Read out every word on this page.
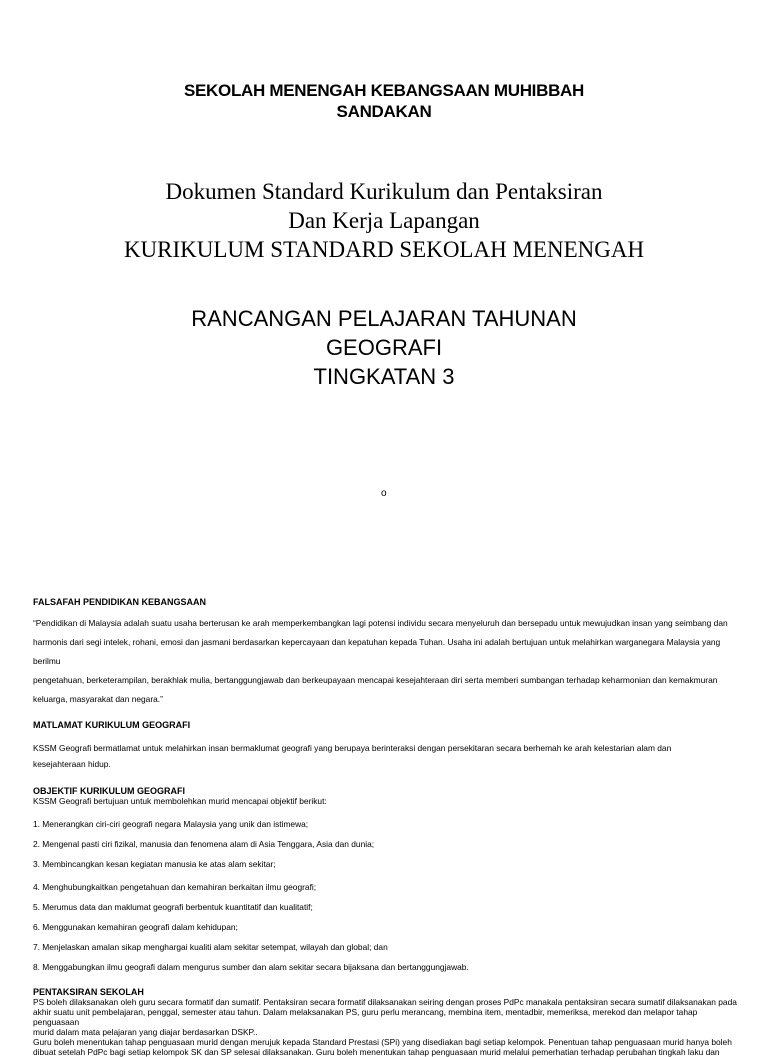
SEKOLAH MENENGAH KEBANGSAAN MUHIBBAH
SANDAKAN
Dokumen Standard Kurikulum dan Pentaksiran
Dan Kerja Lapangan
KURIKULUM STANDARD SEKOLAH MENENGAH
RANCANGAN PELAJARAN TAHUNAN
GEOGRAFI
TINGKATAN 3
o
FALSAFAH PENDIDIKAN KEBANGSAAN
“Pendidikan di Malaysia adalah suatu usaha berterusan ke arah memperkembangkan lagi potensi individu secara menyeluruh dan bersepadu untuk mewujudkan insan yang seimbang dan
harmonis dari segi intelek, rohani, emosi dan jasmani berdasarkan kepercayaan dan kepatuhan kepada Tuhan. Usaha ini adalah bertujuan untuk melahirkan warganegara Malaysia yang berilmu
pengetahuan, berketerampilan, berakhlak mulia, bertanggungjawab dan berkeupayaan mencapai kesejahteraan diri serta memberi sumbangan terhadap keharmonian dan kemakmuran
keluarga, masyarakat dan negara.”
MATLAMAT KURIKULUM GEOGRAFI
KSSM Geografi bermatlamat untuk melahirkan insan bermaklumat geografi yang berupaya berinteraksi dengan persekitaran secara berhemah ke arah kelestarian alam dan
kesejahteraan hidup.
OBJEKTIF KURIKULUM GEOGRAFI
KSSM Geografi bertujuan untuk membolehkan murid mencapai objektif berikut:
1. Menerangkan ciri-ciri geografi negara Malaysia yang unik dan istimewa;
2. Mengenal pasti ciri fizikal, manusia dan fenomena alam di Asia Tenggara, Asia dan dunia;
3. Membincangkan kesan kegiatan manusia ke atas alam sekitar;
4. Menghubungkaitkan pengetahuan dan kemahiran berkaitan ilmu geografi;
5. Merumus data dan maklumat geografi berbentuk kuantitatif dan kualitatif;
6. Menggunakan kemahiran geografi dalam kehidupan;
7. Menjelaskan amalan sikap menghargai kualiti alam sekitar setempat, wilayah dan global; dan
8. Menggabungkan ilmu geografi dalam mengurus sumber dan alam sekitar secara bijaksana dan bertanggungjawab.
PENTAKSIRAN SEKOLAH
PS boleh dilaksanakan oleh guru secara formatif dan sumatif. Pentaksiran secara formatif dilaksanakan seiring dengan proses PdPc manakala pentaksiran secara sumatif dilaksanakan pada
akhir suatu unit pembelajaran, penggal, semester atau tahun. Dalam melaksanakan PS, guru perlu merancang, membina item, mentadbir, memeriksa, merekod dan melapor tahap penguasaan
murid dalam mata pelajaran yang diajar berdasarkan DSKP..
Guru boleh menentukan tahap penguasaan murid dengan merujuk kepada Standard Prestasi (SPi) yang disediakan bagi setiap kelompok. Penentuan tahap penguasaan murid hanya boleh
dibuat setelah PdPc bagi setiap kelompok SK dan SP selesai dilaksanakan. Guru boleh menentukan tahap penguasaan murid melalui pemerhatian terhadap perubahan tingkah laku dan
